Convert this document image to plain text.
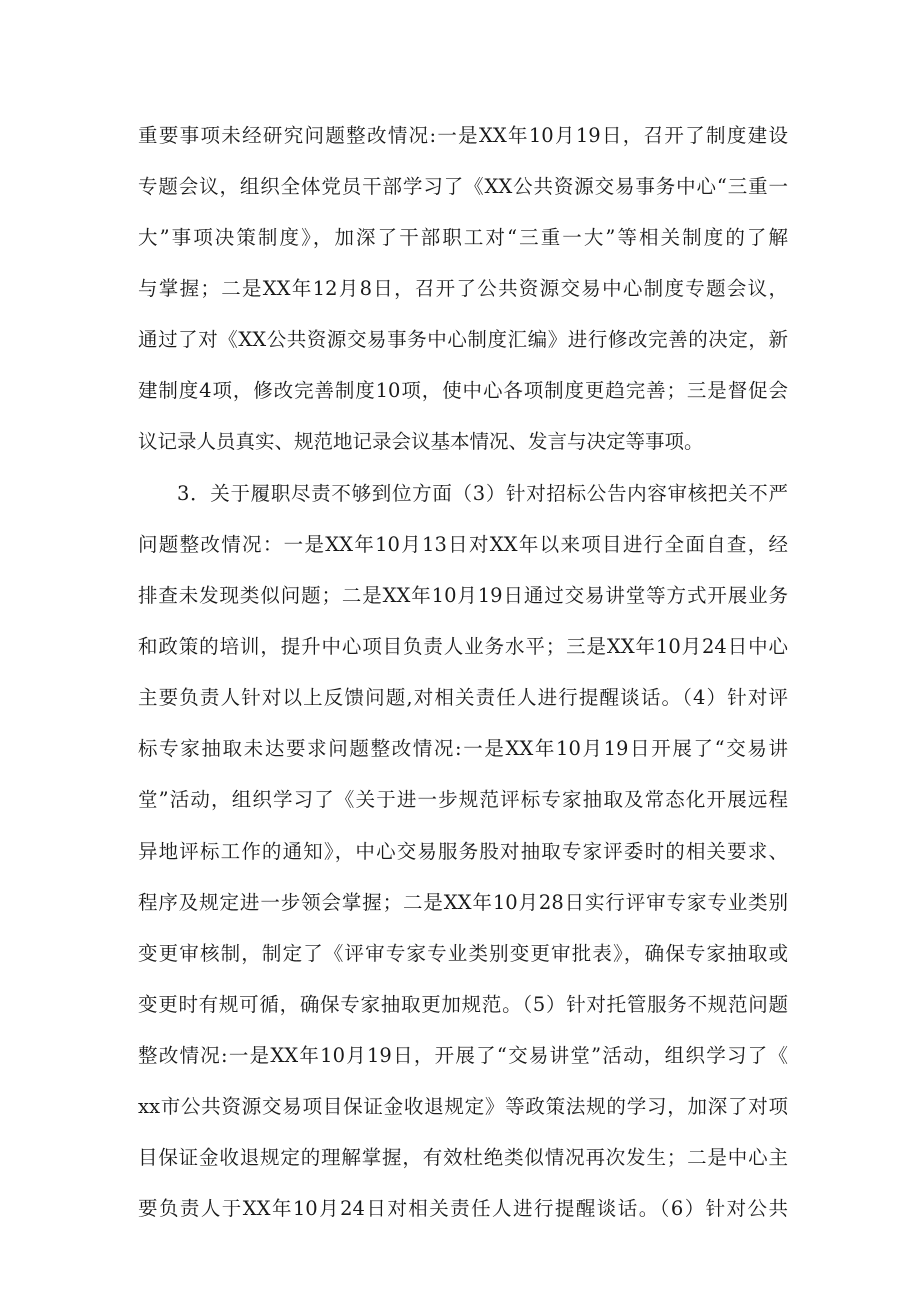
重要事项未经研究问题整改情况:一是XX年10月19日，召开了制度建设
专题会议，组织全体党员干部学习了《XX公共资源交易事务中心“三重一
大”事项决策制度》，加深了干部职工对“三重一大”等相关制度的了解
与掌握；二是XX年12月8日，召开了公共资源交易中心制度专题会议，
通过了对《XX公共资源交易事务中心制度汇编》进行修改完善的决定，新
建制度4项，修改完善制度10项，使中心各项制度更趋完善；三是督促会
议记录人员真实、规范地记录会议基本情况、发言与决定等事项。
3．关于履职尽责不够到位方面（3）针对招标公告内容审核把关不严
问题整改情况：一是XX年10月13日对XX年以来项目进行全面自查，经
排查未发现类似问题；二是XX年10月19日通过交易讲堂等方式开展业务
和政策的培训，提升中心项目负责人业务水平；三是XX年10月24日中心
主要负责人针对以上反馈问题,对相关责任人进行提醒谈话。（4）针对评
标专家抽取未达要求问题整改情况:一是XX年10月19日开展了“交易讲
堂”活动，组织学习了《关于进一步规范评标专家抽取及常态化开展远程
异地评标工作的通知》，中心交易服务股对抽取专家评委时的相关要求、
程序及规定进一步领会掌握；二是XX年10月28日实行评审专家专业类别
变更审核制，制定了《评审专家专业类别变更审批表》，确保专家抽取或
变更时有规可循，确保专家抽取更加规范。（5）针对托管服务不规范问题
整改情况:一是XX年10月19日，开展了“交易讲堂”活动，组织学习了《
xx市公共资源交易项目保证金收退规定》等政策法规的学习，加深了对项
目保证金收退规定的理解掌握，有效杜绝类似情况再次发生；二是中心主
要负责人于XX年10月24日对相关责任人进行提醒谈话。（6）针对公共
